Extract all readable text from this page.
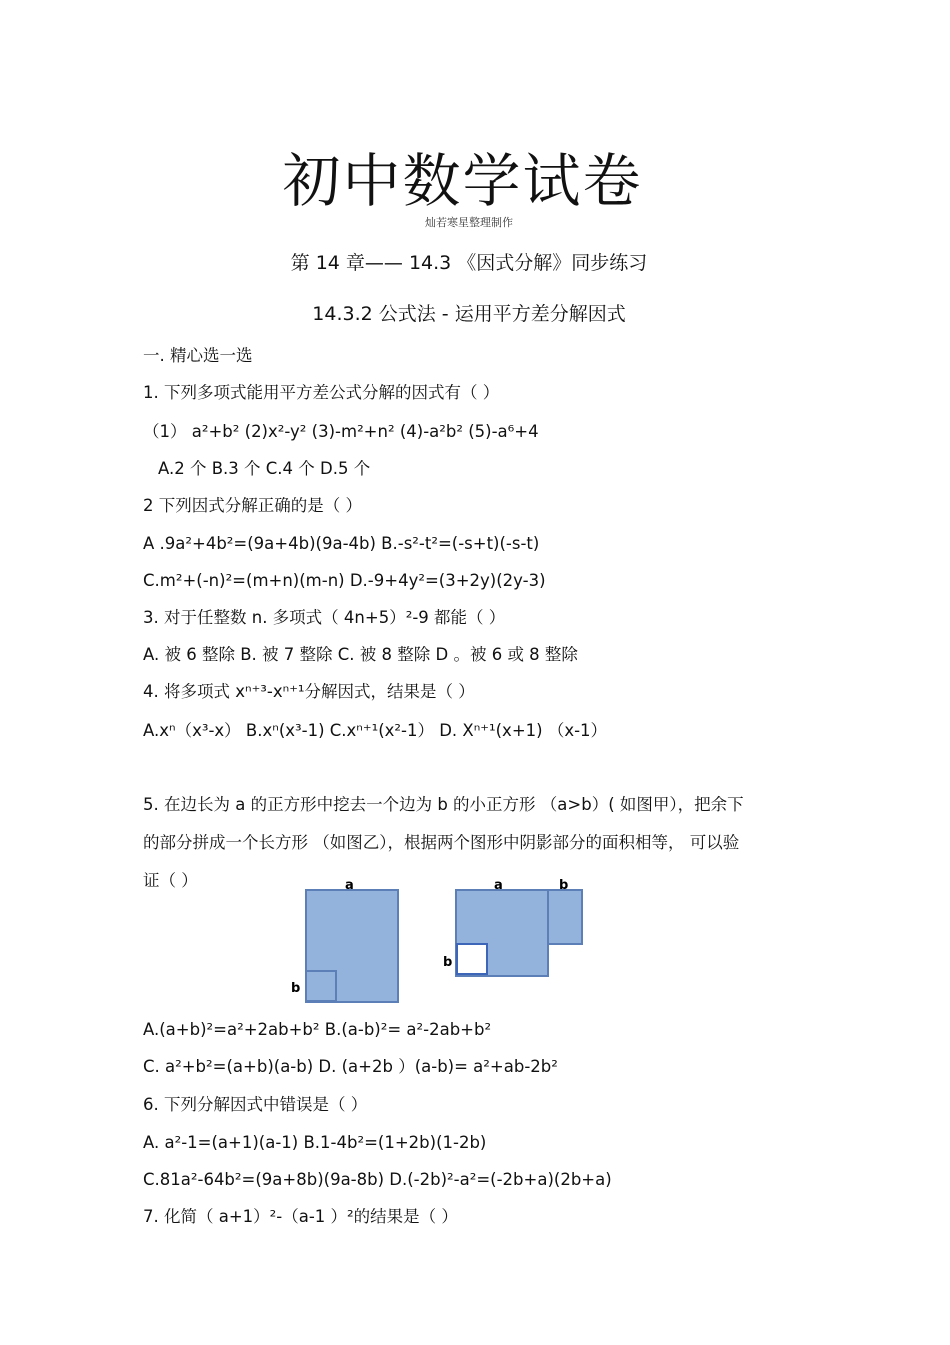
初中数学试卷
灿若寒星整理制作
第 14 章—— 14.3 《因式分解》同步练习
14.3.2 公式法 - 运用平方差分解因式
一. 精心选一选
1. 下列多项式能用平方差公式分解的因式有（ ）
（1） a²+b² (2)x²-y² (3)-m²+n² (4)-a²b² (5)-a⁶+4
A.2 个 B.3 个 C.4 个 D.5 个
2 下列因式分解正确的是（ ）
A .9a²+4b²=(9a+4b)(9a-4b) B.-s²-t²=(-s+t)(-s-t)
C.m²+(-n)²=(m+n)(m-n) D.-9+4y²=(3+2y)(2y-3)
3. 对于任整数 n. 多项式（ 4n+5）²-9 都能（ ）
A. 被 6 整除 B. 被 7 整除 C. 被 8 整除 D 。被 6 或 8 整除
4. 将多项式 xⁿ⁺³-xⁿ⁺¹分解因式，结果是（ ）
A.xⁿ（x³-x） B.xⁿ(x³-1) C.xⁿ⁺¹(x²-1） D. Xⁿ⁺¹(x+1) （x-1）
5. 在边长为 a 的正方形中挖去一个边为 b 的小正方形 （a>b）( 如图甲），把余下
的部分拼成一个长方形 （如图乙），根据两个图形中阴影部分的面积相等， 可以验
证（ ）	a
b
a	b
b
A.(a+b)²=a²+2ab+b² B.(a-b)²= a²-2ab+b²
C. a²+b²=(a+b)(a-b) D. (a+2b ）(a-b)= a²+ab-2b²
6. 下列分解因式中错误是（ ）
A. a²-1=(a+1)(a-1) B.1-4b²=(1+2b)(1-2b)
C.81a²-64b²=(9a+8b)(9a-8b) D.(-2b)²-a²=(-2b+a)(2b+a)
7. 化简（ a+1）²-（a-1 ）²的结果是（ ）
